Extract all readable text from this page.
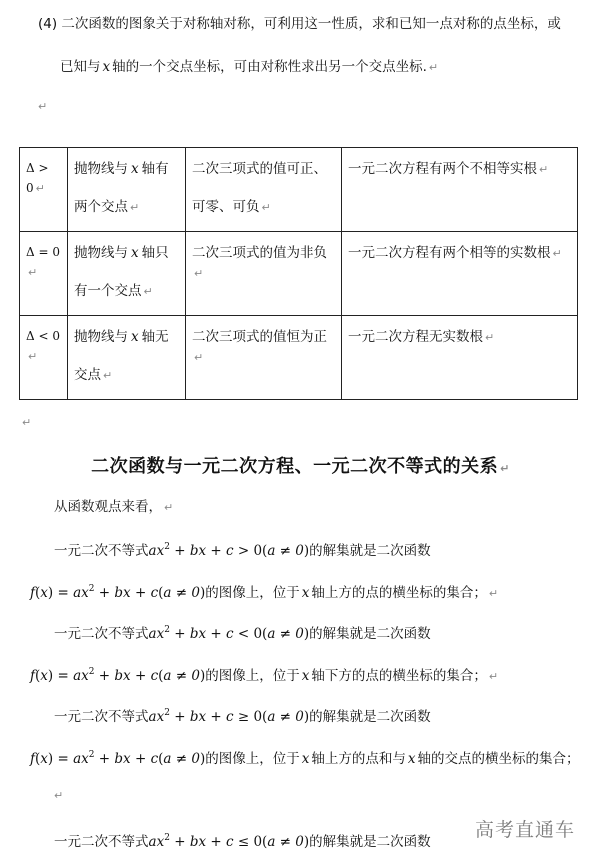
(4) 二次函数的图象关于对称轴对称，可利用这一性质，求和已知一点对称的点坐标，或
已知与 x 轴的一个交点坐标，可由对称性求出另一个交点坐标. ↵
↵
Δ > 0 ↵	抛物线与 x 轴有
两个交点 ↵	二次三项式的值可正、
可零、可负 ↵	一元二次方程有两个不相等实根 ↵
Δ = 0
↵	抛物线与 x 轴只
有一个交点 ↵	二次三项式的值为非负↵	一元二次方程有两个相等的实数根 ↵
Δ < 0
↵	抛物线与 x 轴无
交点 ↵	二次三项式的值恒为正↵	一元二次方程无实数根 ↵
↵
二次函数与一元二次方程、一元二次不等式的关系 ↵
从函数观点来看， ↵
一元二次不等式$ax^2$ + bx + c > 0(a ≠ 0)的解集就是二次函数
$f(x) = ax^2$ + bx + c(a ≠ 0)的图像上，位于 x 轴上方的点的横坐标的集合； ↵
一元二次不等式$ax^2$ + bx + c < 0(a ≠ 0)的解集就是二次函数
$f(x) = ax^2$ + bx + c(a ≠ 0)的图像上，位于 x 轴下方的点的横坐标的集合； ↵
一元二次不等式$ax^2$ + bx + c ≥ 0(a ≠ 0)的解集就是二次函数
$f(x) = ax^2$ + bx + c(a ≠ 0)的图像上，位于 x 轴上方的点和与 x 轴的交点的横坐标的集合；
↵
一元二次不等式$ax^2$ + bx + c ≤ 0(a ≠ 0)的解集就是二次函数
高考直通车
